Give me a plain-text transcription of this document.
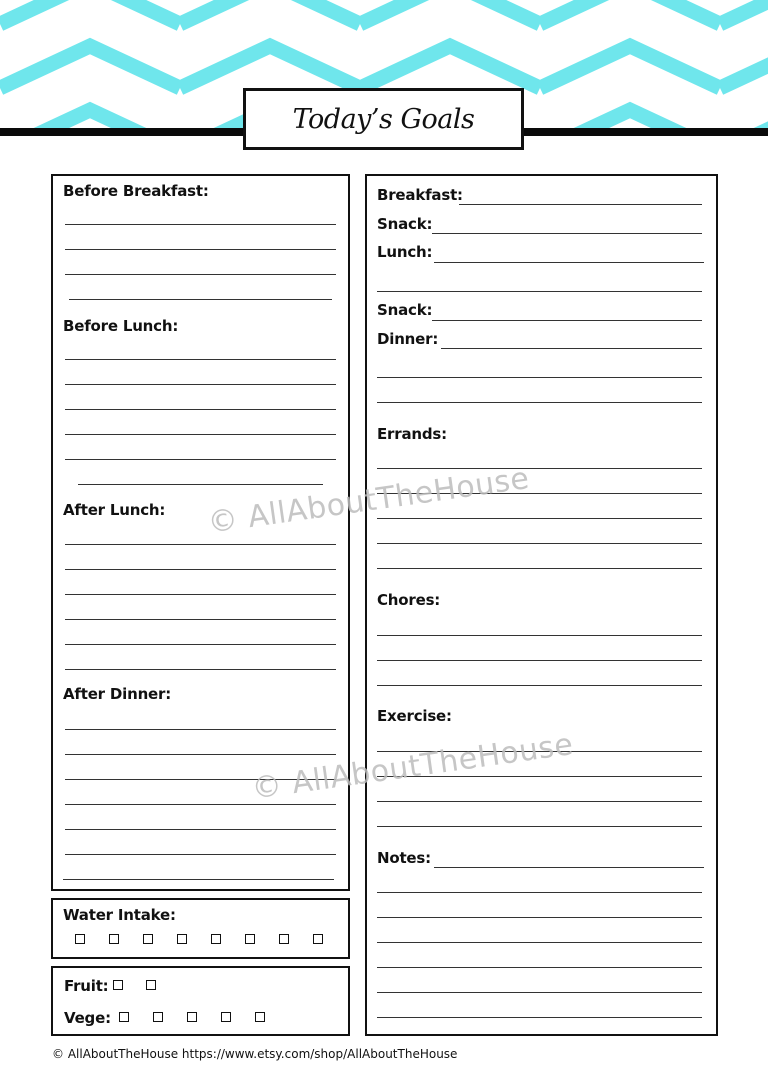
Today’s Goals
Before Breakfast:
Before Lunch:
After Lunch:
After Dinner:
Water Intake:
Fruit:
Vege:
Breakfast:
Snack:
Lunch:
Snack:
Dinner:
Errands:
Chores:
Exercise:
Notes:
© AllAboutTheHouse
© AllAboutTheHouse
© AllAboutTheHouse https://www.etsy.com/shop/AllAboutTheHouse
